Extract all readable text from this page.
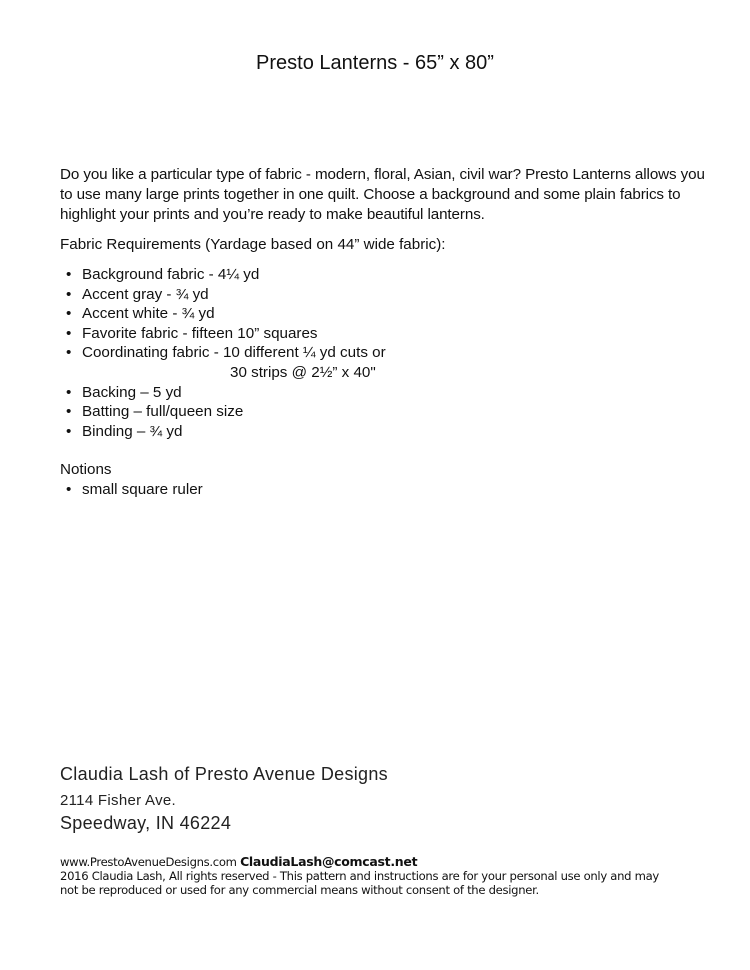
Presto Lanterns - 65” x 80”
Do you like a particular type of fabric - modern, floral, Asian, civil war? Presto Lanterns allows you to use many large prints together in one quilt. Choose a background and some plain fabrics to highlight your prints and you’re ready to make beautiful lanterns.
Fabric Requirements (Yardage based on 44” wide fabric):
• Background fabric - 4¼ yd
• Accent gray - ¾ yd
• Accent white - ¾ yd
• Favorite fabric - fifteen 10” squares
• Coordinating fabric - 10 different ¼ yd cuts or
30 strips @ 2½” x 40"
• Backing – 5 yd
• Batting – full/queen size
• Binding – ¾ yd
Notions
• small square ruler
Claudia Lash of Presto Avenue Designs
2114 Fisher Ave.
Speedway, IN 46224
www.PrestoAvenueDesigns.com ClaudiaLash@comcast.net
2016 Claudia Lash, All rights reserved - This pattern and instructions are for your personal use only and may not be reproduced or used for any commercial means without consent of the designer.
